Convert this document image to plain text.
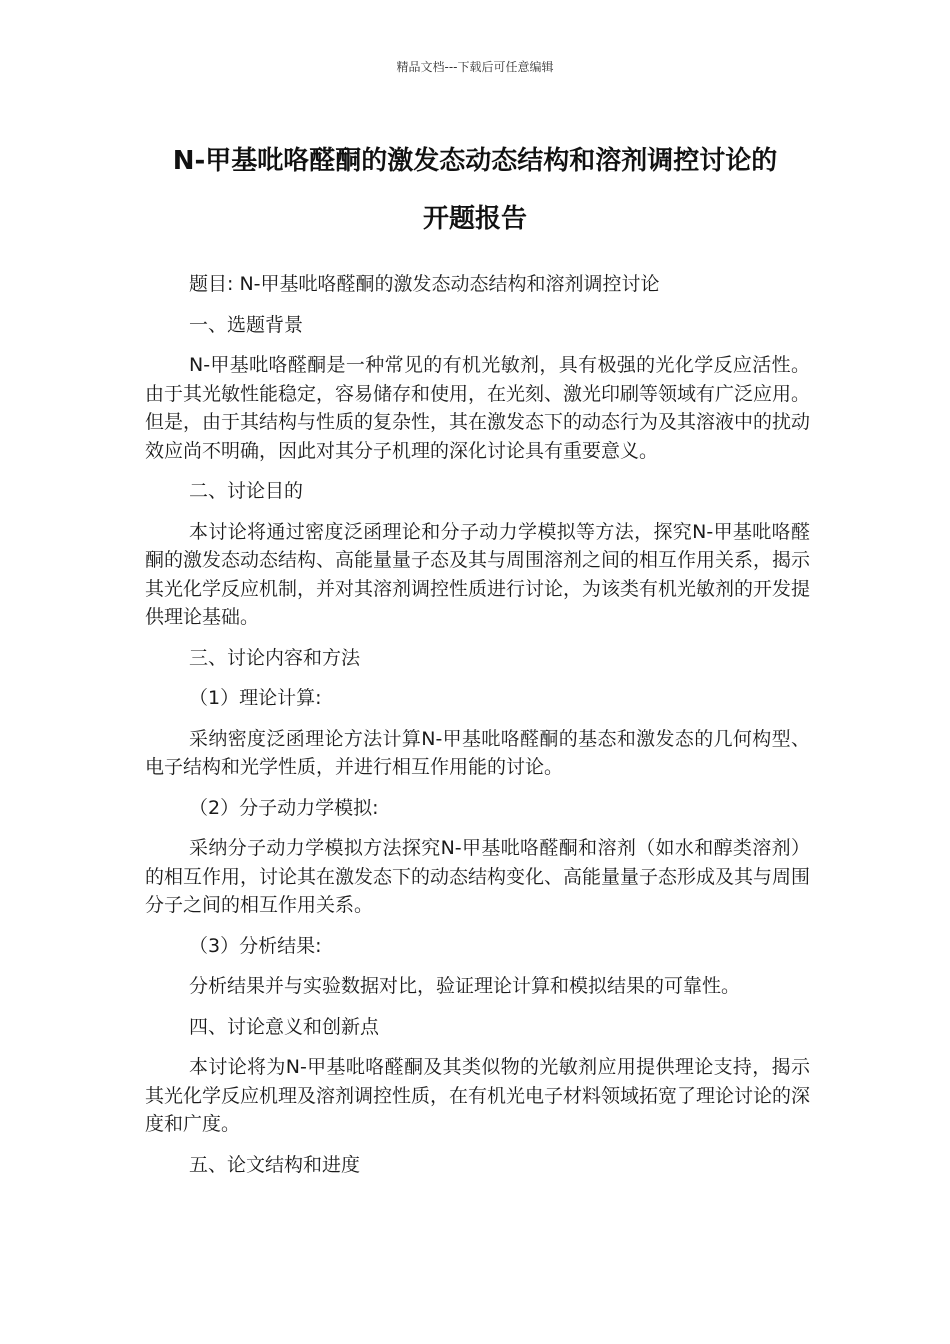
精品文档---下载后可任意编辑
N-甲基吡咯醛酮的激发态动态结构和溶剂调控讨论的
开题报告

题目: N-甲基吡咯醛酮的激发态动态结构和溶剂调控讨论

一、选题背景

N-甲基吡咯醛酮是一种常见的有机光敏剂，具有极强的光化学反应活性。由于其光敏性能稳定，容易储存和使用，在光刻、激光印刷等领域有广泛应用。但是，由于其结构与性质的复杂性，其在激发态下的动态行为及其溶液中的扰动效应尚不明确，因此对其分子机理的深化讨论具有重要意义。

二、讨论目的

本讨论将通过密度泛函理论和分子动力学模拟等方法，探究N-甲基吡咯醛酮的激发态动态结构、高能量量子态及其与周围溶剂之间的相互作用关系，揭示其光化学反应机制，并对其溶剂调控性质进行讨论，为该类有机光敏剂的开发提供理论基础。

三、讨论内容和方法

（1）理论计算:

采纳密度泛函理论方法计算N-甲基吡咯醛酮的基态和激发态的几何构型、电子结构和光学性质，并进行相互作用能的讨论。

（2）分子动力学模拟:

采纳分子动力学模拟方法探究N-甲基吡咯醛酮和溶剂（如水和醇类溶剂）的相互作用，讨论其在激发态下的动态结构变化、高能量量子态形成及其与周围分子之间的相互作用关系。

（3）分析结果:

分析结果并与实验数据对比，验证理论计算和模拟结果的可靠性。

四、讨论意义和创新点

本讨论将为N-甲基吡咯醛酮及其类似物的光敏剂应用提供理论支持，揭示其光化学反应机理及溶剂调控性质，在有机光电子材料领域拓宽了理论讨论的深度和广度。

五、论文结构和进度
